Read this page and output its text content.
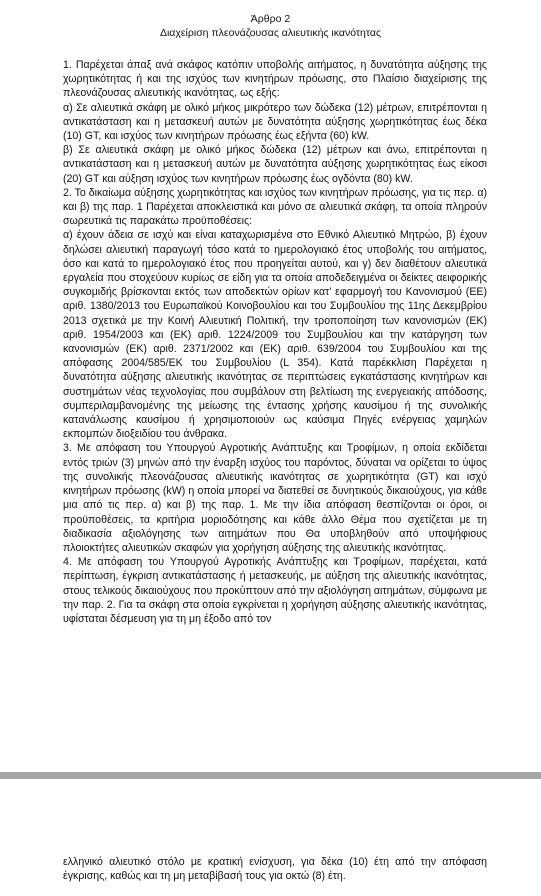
Άρθρο 2
Διαχείριση πλεονάζουσας αλιευτικής ικανότητας

1. Παρέχεται άπαξ ανά σκάφος κατόπιν υποβολής αιτήματος, η δυνατότητα αύξησης της χωρητικότητας ή και της ισχύος των κινητήρων πρόωσης, στο Πλαίσιο διαχείρισης της πλεονάζουσας αλιευτικής ικανότητας, ως εξής:

α) Σε αλιευτικά σκάφη με ολικό μήκος μικρότερο των δώδεκα (12) μέτρων, επιτρέπονται η αντικατάσταση και η μετασκευή αυτών με δυνατότητα αύξησης χωρητικότητας έως δέκα (10) GT, και ισχύος των κινητήρων πρόωσης έως εξήντα (60) kW.

β) Σε αλιευτικά σκάφη με ολικό μήκος δώδεκα (12) μέτρων και άνω, επιτρέπονται η αντικατάσταση και η μετασκευή αυτών με δυνατότητα αύξησης χωρητικότητας έως είκοσι (20) GT και αύξηση ισχύος των κινητήρων πρόωσης έως ογδόντα (80) kW.

2. Το δικαίωμα αύξησης χωρητικότητας και ισχύος των κινητήρων πρόωσης, για τις περ. α) και β) της παρ. 1 Παρέχεται αποκλειστικά και μόνο σε αλιευτικά σκάφη, τα οποία πληρούν σωρευτικά τις παρακάτω προϋποθέσεις:

α) έχουν άδεια σε ισχύ και είναι καταχωρισμένα στο Εθνικό Αλιευτικό Μητρώο, β) έχουν δηλώσει αλιευτική παραγωγή τόσο κατά το ημερολογιακό έτος υποβολής του αιτήματος, όσο και κατά το ημερολογιακό έτος που προηγείται αυτού, και γ) δεν διαθέτουν αλιευτικά εργαλεία που στοχεύουν κυρίως σε είδη για τα οποία αποδεδειγμένα οι δείκτες αειφορικής συγκομιδής βρίσκονται εκτός των αποδεκτών ορίων κατ’ εφαρμογή του Κανονισμού (ΕΕ) αριθ. 1380/2013 του Ευρωπαϊκού Κοινοβουλίου και του Συμβουλίου της 11ης Δεκεμβρίου 2013 σχετικά με την Κοινή Αλιευτική Πολιτική, την τροποποίηση των κανονισμών (ΕΚ) αριθ. 1954/2003 και (ΕΚ) αριθ. 1224/2009 του Συμβουλίου και την κατάργηση των κανονισμών (ΕΚ) αριθ. 2371/2002 και (ΕΚ) αριθ. 639/2004 του Συμβουλίου και της απόφασης 2004/585/ΕΚ του Συμβουλίου (L 354). Κατά παρέκκλιση Παρέχεται η δυνατότητα αύξησης αλιευτικής ικανότητας σε περιπτώσεις εγκατάστασης κινητήρων και συστημάτων νέας τεχνολογίας που συμβάλουν στη βελτίωση της ενεργειακής απόδοσης, συμπεριλαμβανομένης της μείωσης της έντασης χρήσης καυσίμου ή της συνολικής κατανάλωσης καυσίμου ή χρησιμοποιούν ως καύσιμα Πηγές ενέργειας χαμηλών εκπομπών διοξειδίου του άνθρακα.

3. Με απόφαση του Υπουργού Αγροτικής Ανάπτυξης και Τροφίμων, η οποία εκδίδεται εντός τριών (3) μηνών από την έναρξη ισχύος του παρόντος, δύναται να ορίζεται το ύψος της συνολικής πλεονάζουσας αλιευτικής ικανότητας σε χωρητικότητα (GT) και ισχύ κινητήρων πρόωσης (kW) η οποία μπορεί να διατεθεί σε δυνητικούς δικαιούχους, για κάθε μια από τις περ. α) και β) της παρ. 1. Με την ίδια απόφαση θεσπίζονται οι όροι, οι προϋποθέσεις, τα κριτήρια μοριοδότησης και κάθε άλλο Θέμα που σχετίζεται με τη διαδικασία αξιολόγησης των αιτημάτων που Θα υποβληθούν από υποψήφιους πλοιοκτήτες αλιευτικών σκαφών για χορήγηση αύξησης της αλιευτικής ικανότητας.

4. Με απόφαση του Υπουργού Αγροτικής Ανάπτυξης και Τροφίμων, παρέχεται, κατά περίπτωση, έγκριση αντικατάστασης ή μετασκευής, με αύξηση της αλιευτικής ικανότητας, στους τελικούς δικαιούχους που προκύπτουν από την αξιολόγηση αιτημάτων, σύμφωνα με την παρ. 2. Για τα σκάφη στα οποία εγκρίνεται η χορήγηση αύξησης αλιευτικής ικανότητας, υφίσταται δέσμευση για τη μη έξοδο από τον

ελληνικό αλιευτικό στόλο με κρατική ενίσχυση, για δέκα (10) έτη από την απόφαση έγκρισης, καθώς και τη μη μεταβίβασή τους για οκτώ (8) έτη.
